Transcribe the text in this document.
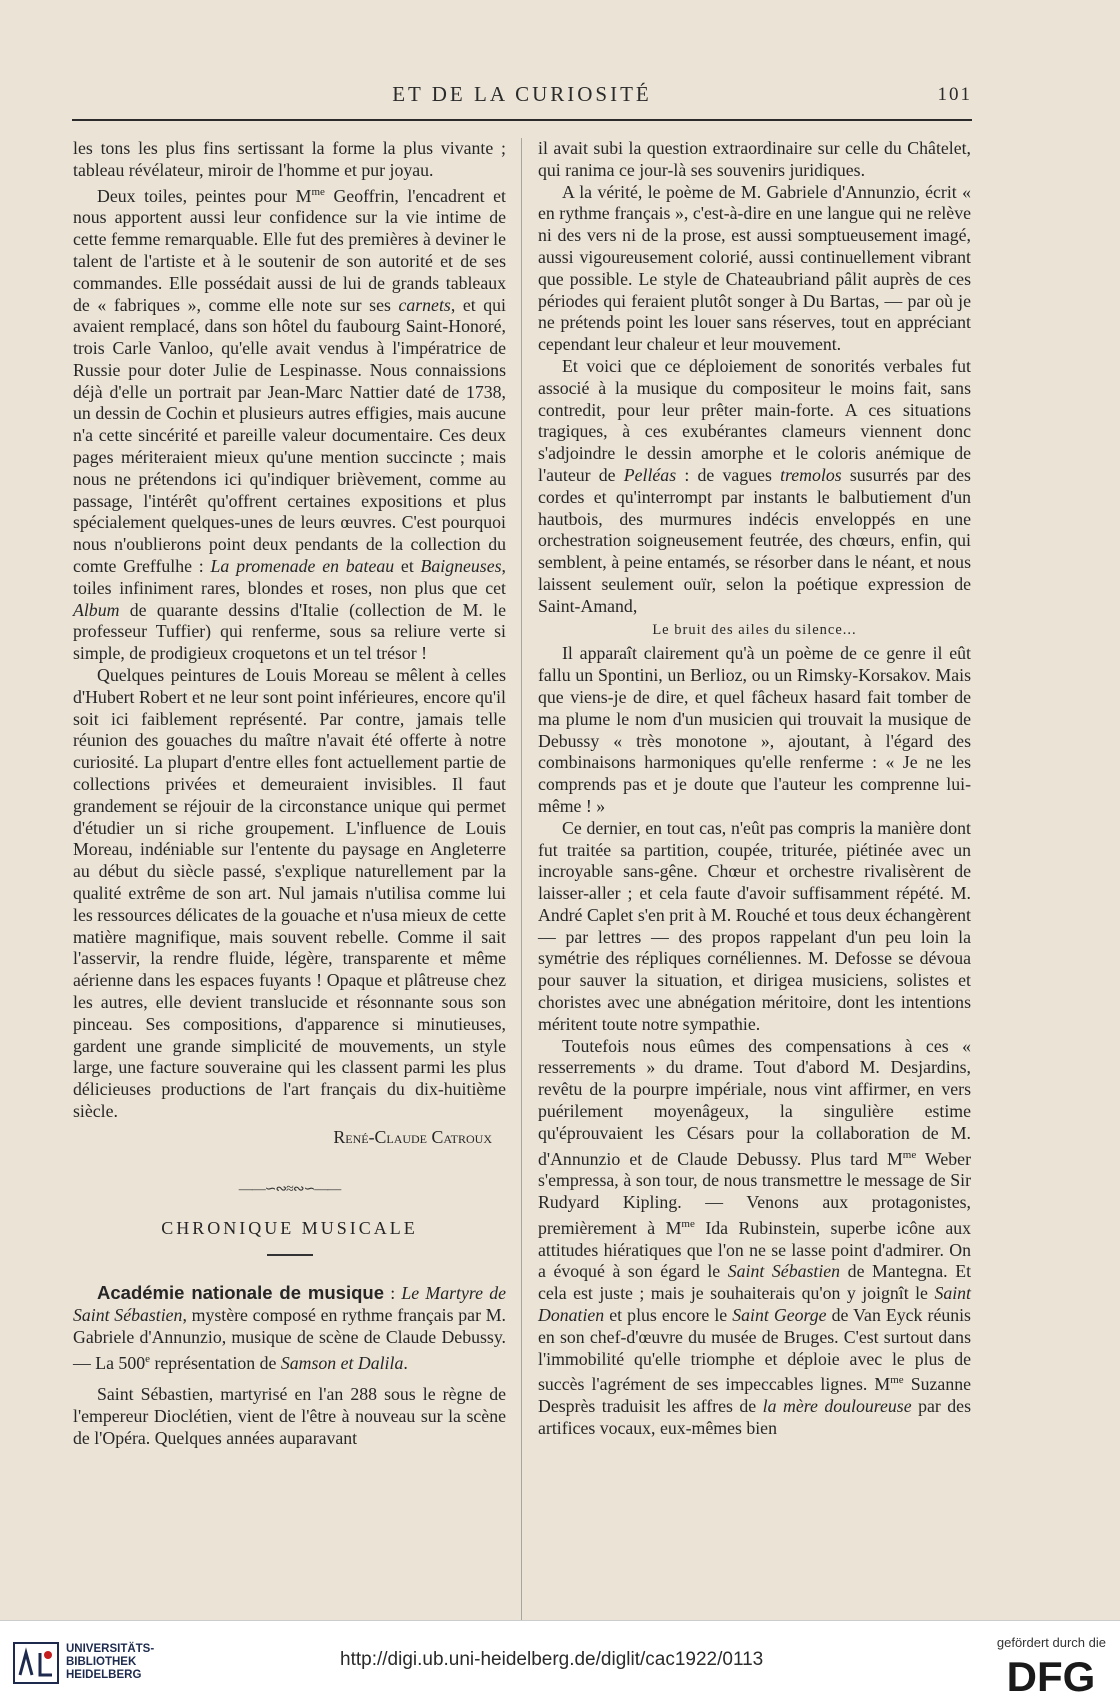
ET DE LA CURIOSITÉ	101

les tons les plus fins sertissant la forme la plus vivante ; tableau révélateur, miroir de l'homme et pur joyau.

Deux toiles, peintes pour $M^{me}$ Geoffrin, l'encadrent et nous apportent aussi leur confidence sur la vie intime de cette femme remarquable. Elle fut des premières à deviner le talent de l'artiste et à le soutenir de son autorité et de ses commandes. Elle possédait aussi de lui de grands tableaux de « fabriques », comme elle note sur ses carnets, et qui avaient remplacé, dans son hôtel du faubourg Saint-Honoré, trois Carle Vanloo, qu'elle avait vendus à l'impératrice de Russie pour doter Julie de Lespinasse. Nous connaissions déjà d'elle un portrait par Jean-Marc Nattier daté de 1738, un dessin de Cochin et plusieurs autres effigies, mais aucune n'a cette sincérité et pareille valeur documentaire. Ces deux pages mériteraient mieux qu'une mention succincte ; mais nous ne prétendons ici qu'indiquer brièvement, comme au passage, l'intérêt qu'offrent certaines expositions et plus spécialement quelques-unes de leurs œuvres. C'est pourquoi nous n'oublierons point deux pendants de la collection du comte Greffulhe : La promenade en bateau et Baigneuses, toiles infiniment rares, blondes et roses, non plus que cet Album de quarante dessins d'Italie (collection de M. le professeur Tuffier) qui renferme, sous sa reliure verte si simple, de prodigieux croquetons et un tel trésor !

Quelques peintures de Louis Moreau se mêlent à celles d'Hubert Robert et ne leur sont point inférieures, encore qu'il soit ici faiblement représenté. Par contre, jamais telle réunion des gouaches du maître n'avait été offerte à notre curiosité. La plupart d'entre elles font actuellement partie de collections privées et demeuraient invisibles. Il faut grandement se réjouir de la circonstance unique qui permet d'étudier un si riche groupement. L'influence de Louis Moreau, indéniable sur l'entente du paysage en Angleterre au début du siècle passé, s'explique naturellement par la qualité extrême de son art. Nul jamais n'utilisa comme lui les ressources délicates de la gouache et n'usa mieux de cette matière magnifique, mais souvent rebelle. Comme il sait l'asservir, la rendre fluide, légère, transparente et même aérienne dans les espaces fuyants ! Opaque et plâtreuse chez les autres, elle devient translucide et résonnante sous son pinceau. Ses compositions, d'apparence si minutieuses, gardent une grande simplicité de mouvements, un style large, une facture souveraine qui les classent parmi les plus délicieuses productions de l'art français du dix-huitième siècle.

René-Claude Catroux
——∽∾≈∾∽——
CHRONIQUE MUSICALE

Académie nationale de musique : Le Martyre de Saint Sébastien, mystère composé en rythme français par M. Gabriele d'Annunzio, musique de scène de Claude Debussy. — La 500e représentation de Samson et Dalila.

Saint Sébastien, martyrisé en l'an 288 sous le règne de l'empereur Dioclétien, vient de l'être à nouveau sur la scène de l'Opéra. Quelques années auparavant

il avait subi la question extraordinaire sur celle du Châtelet, qui ranima ce jour-là ses souvenirs juridiques.

A la vérité, le poème de M. Gabriele d'Annunzio, écrit « en rythme français », c'est-à-dire en une langue qui ne relève ni des vers ni de la prose, est aussi somptueusement imagé, aussi vigoureusement colorié, aussi continuellement vibrant que possible. Le style de Chateaubriand pâlit auprès de ces périodes qui feraient plutôt songer à Du Bartas, — par où je ne prétends point les louer sans réserves, tout en appréciant cependant leur chaleur et leur mouvement.

Et voici que ce déploiement de sonorités verbales fut associé à la musique du compositeur le moins fait, sans contredit, pour leur prêter main-forte. A ces situations tragiques, à ces exubérantes clameurs viennent donc s'adjoindre le dessin amorphe et le coloris anémique de l'auteur de Pelléas : de vagues tremolos susurrés par des cordes et qu'interrompt par instants le balbutiement d'un hautbois, des murmures indécis enveloppés en une orchestration soigneusement feutrée, des chœurs, enfin, qui semblent, à peine entamés, se résorber dans le néant, et nous laissent seulement ouïr, selon la poétique expression de Saint-Amand,

Le bruit des ailes du silence...

Il apparaît clairement qu'à un poème de ce genre il eût fallu un Spontini, un Berlioz, ou un Rimsky-Korsakov. Mais que viens-je de dire, et quel fâcheux hasard fait tomber de ma plume le nom d'un musicien qui trouvait la musique de Debussy « très monotone », ajoutant, à l'égard des combinaisons harmoniques qu'elle renferme : « Je ne les comprends pas et je doute que l'auteur les comprenne lui-même ! »

Ce dernier, en tout cas, n'eût pas compris la manière dont fut traitée sa partition, coupée, triturée, piétinée avec un incroyable sans-gêne. Chœur et orchestre rivalisèrent de laisser-aller ; et cela faute d'avoir suffisamment répété. M. André Caplet s'en prit à M. Rouché et tous deux échangèrent — par lettres — des propos rappelant d'un peu loin la symétrie des répliques cornéliennes. M. Defosse se dévoua pour sauver la situation, et dirigea musiciens, solistes et choristes avec une abnégation méritoire, dont les intentions méritent toute notre sympathie.

Toutefois nous eûmes des compensations à ces « resserrements » du drame. Tout d'abord M. Desjardins, revêtu de la pourpre impériale, nous vint affirmer, en vers puérilement moyenâgeux, la singulière estime qu'éprouvaient les Césars pour la collaboration de M. d'Annunzio et de Claude Debussy. Plus tard $M^{me}$ Weber s'empressa, à son tour, de nous transmettre le message de Sir Rudyard Kipling. — Venons aux protagonistes, premièrement à $M^{me}$ Ida Rubinstein, superbe icône aux attitudes hiératiques que l'on ne se lasse point d'admirer. On a évoqué à son égard le Saint Sébastien de Mantegna. Et cela est juste ; mais je souhaiterais qu'on y joignît le Saint Donatien et plus encore le Saint George de Van Eyck réunis en son chef-d'œuvre du musée de Bruges. C'est surtout dans l'immobilité qu'elle triomphe et déploie avec le plus de succès l'agrément de ses impeccables lignes. $M^{me}$ Suzanne Desprès traduisit les affres de la mère douloureuse par des artifices vocaux, eux-mêmes bien

UNIVERSITÄTS-
BIBLIOTHEK
HEIDELBERG
http://digi.ub.uni-heidelberg.de/diglit/cac1922/0113
gefördert durch die
DFG
